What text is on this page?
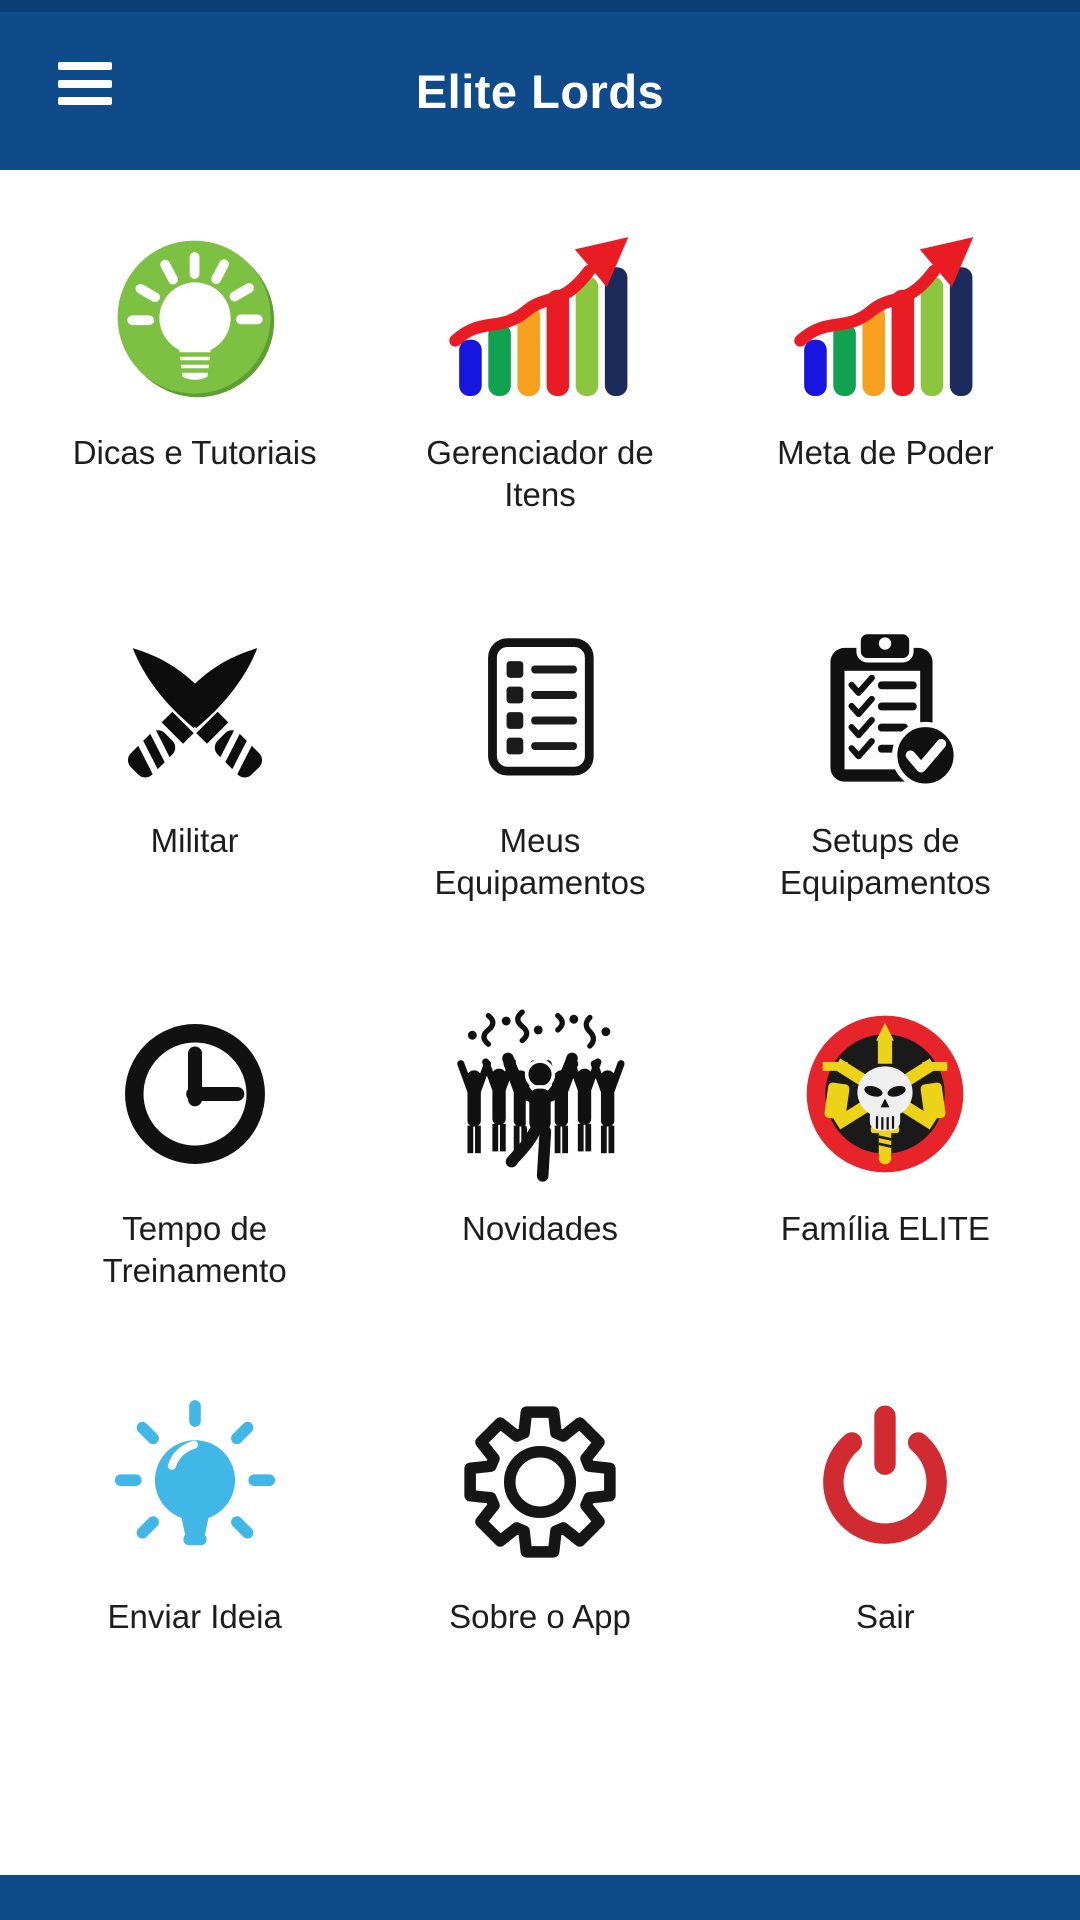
Elite Lords
Dicas e Tutoriais	Gerenciador de Itens
Meta de Poder
Militar	Meus Equipamentos
Setups de Equipamentos
Tempo de Treinamento
Novidades	Família ELITE
Enviar Ideia	Sobre o App	Sair
